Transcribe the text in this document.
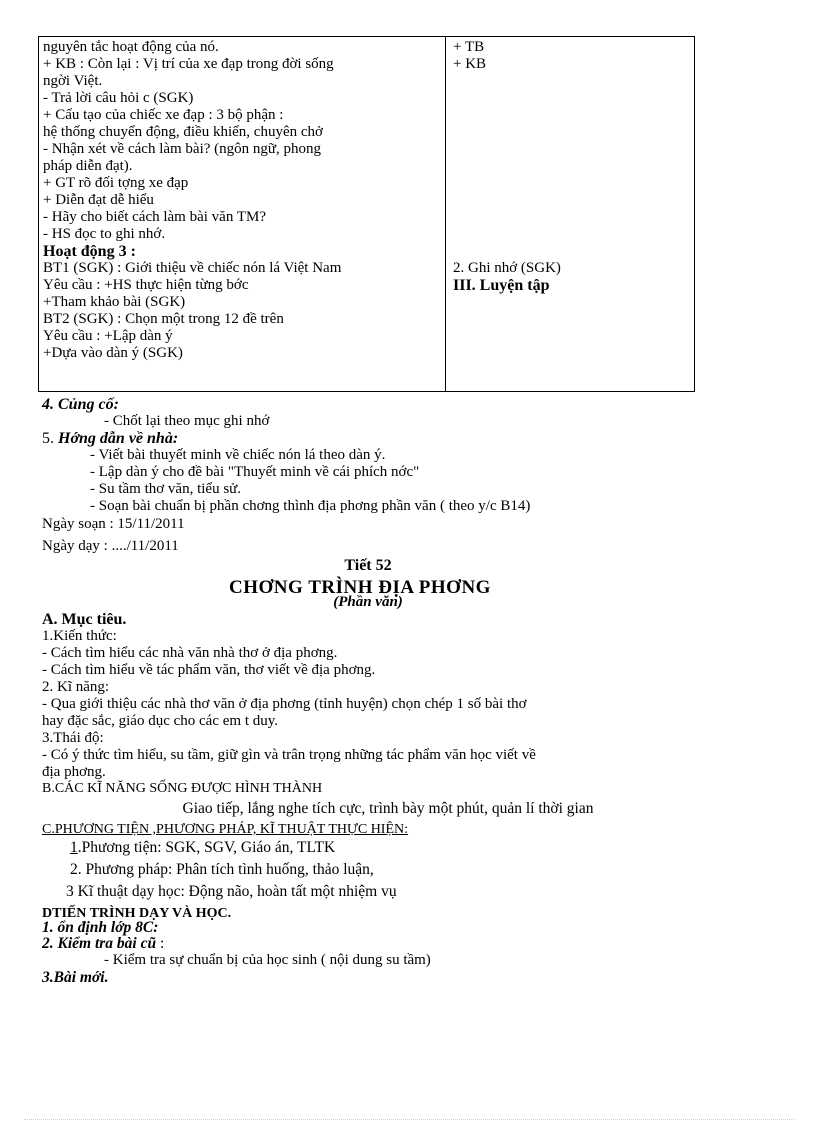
nguyên tắc hoạt động của nó.
+ KB : Còn lại : Vị trí của xe đạp trong đời sống
ngời Việt.
- Trả lời câu hỏi c (SGK)
+ Cấu tạo của chiếc xe đạp : 3 bộ phận :
hệ thống chuyển động, điều khiển, chuyên chở
- Nhận xét về cách làm bài? (ngôn ngữ, phong
pháp diễn đạt).
+ GT rõ đối tợng xe đạp
+ Diễn đạt dễ hiểu
- Hãy cho biết cách làm bài văn TM?
- HS đọc to ghi nhớ.
Hoạt động 3 :
BT1 (SGK) : Giới thiệu về chiếc nón lá Việt Nam
Yêu cầu : +HS thực hiện từng bớc
+Tham khảo bài (SGK)
BT2 (SGK) : Chọn một trong 12 đề trên
Yêu cầu : +Lập dàn ý
+Dựa vào dàn ý (SGK)
+ TB
+ KB
2. Ghi nhớ (SGK)
III. Luyện tập
4. Củng cố:
- Chốt lại theo mục ghi nhớ
5. Hớng dẫn về nhà:
- Viết bài thuyết minh về chiếc nón lá theo dàn ý.
- Lập dàn ý cho đề bài "Thuyết minh về cái phích nớc"
- Su tầm thơ văn, tiểu sử.
- Soạn bài chuẩn bị phần chơng thình địa phơng phần văn ( theo y/c B14)
Ngày soạn : 15/11/2011
Ngày dạy : ..../11/2011
Tiết 52
CHƠNG TRÌNH ĐỊA PHƠNG
(Phần văn)
A. Mục tiêu.
1.Kiến thức:
- Cách tìm hiểu các nhà văn nhà thơ ở địa phơng.
- Cách tìm hiểu về tác phẩm văn, thơ viết về địa phơng.
2. Kĩ năng:
- Qua giới thiệu các nhà thơ văn ở địa phơng (tỉnh huyện) chọn chép 1 số bài thơ
hay đặc sắc, giáo dục cho các em t duy.
3.Thái độ:
- Có ý thức tìm hiểu, su tầm, giữ gìn và trân trọng những tác phẩm văn học viết về
địa phơng.
B.CÁC KĨ NĂNG SỐNG ĐƯỢC HÌNH THÀNH
Giao tiếp, lắng nghe tích cực, trình bày một phút, quản lí thời gian
C.PHƯƠNG TIỆN ,PHƯƠNG PHÁP, KĨ THUẬT THỰC HIỆN:
1.Phương tiện: SGK, SGV, Giáo án, TLTK
2. Phương pháp: Phân tích tình huống, thảo luận,
3 Kĩ thuật dạy học: Động não, hoàn tất một nhiệm vụ
DTIẾN TRÌNH DẠY VÀ HỌC.
1. ổn định lớp 8C:
2. Kiểm tra bài cũ :
- Kiểm tra sự chuẩn bị của học sinh ( nội dung su tầm)
3.Bài mới.
